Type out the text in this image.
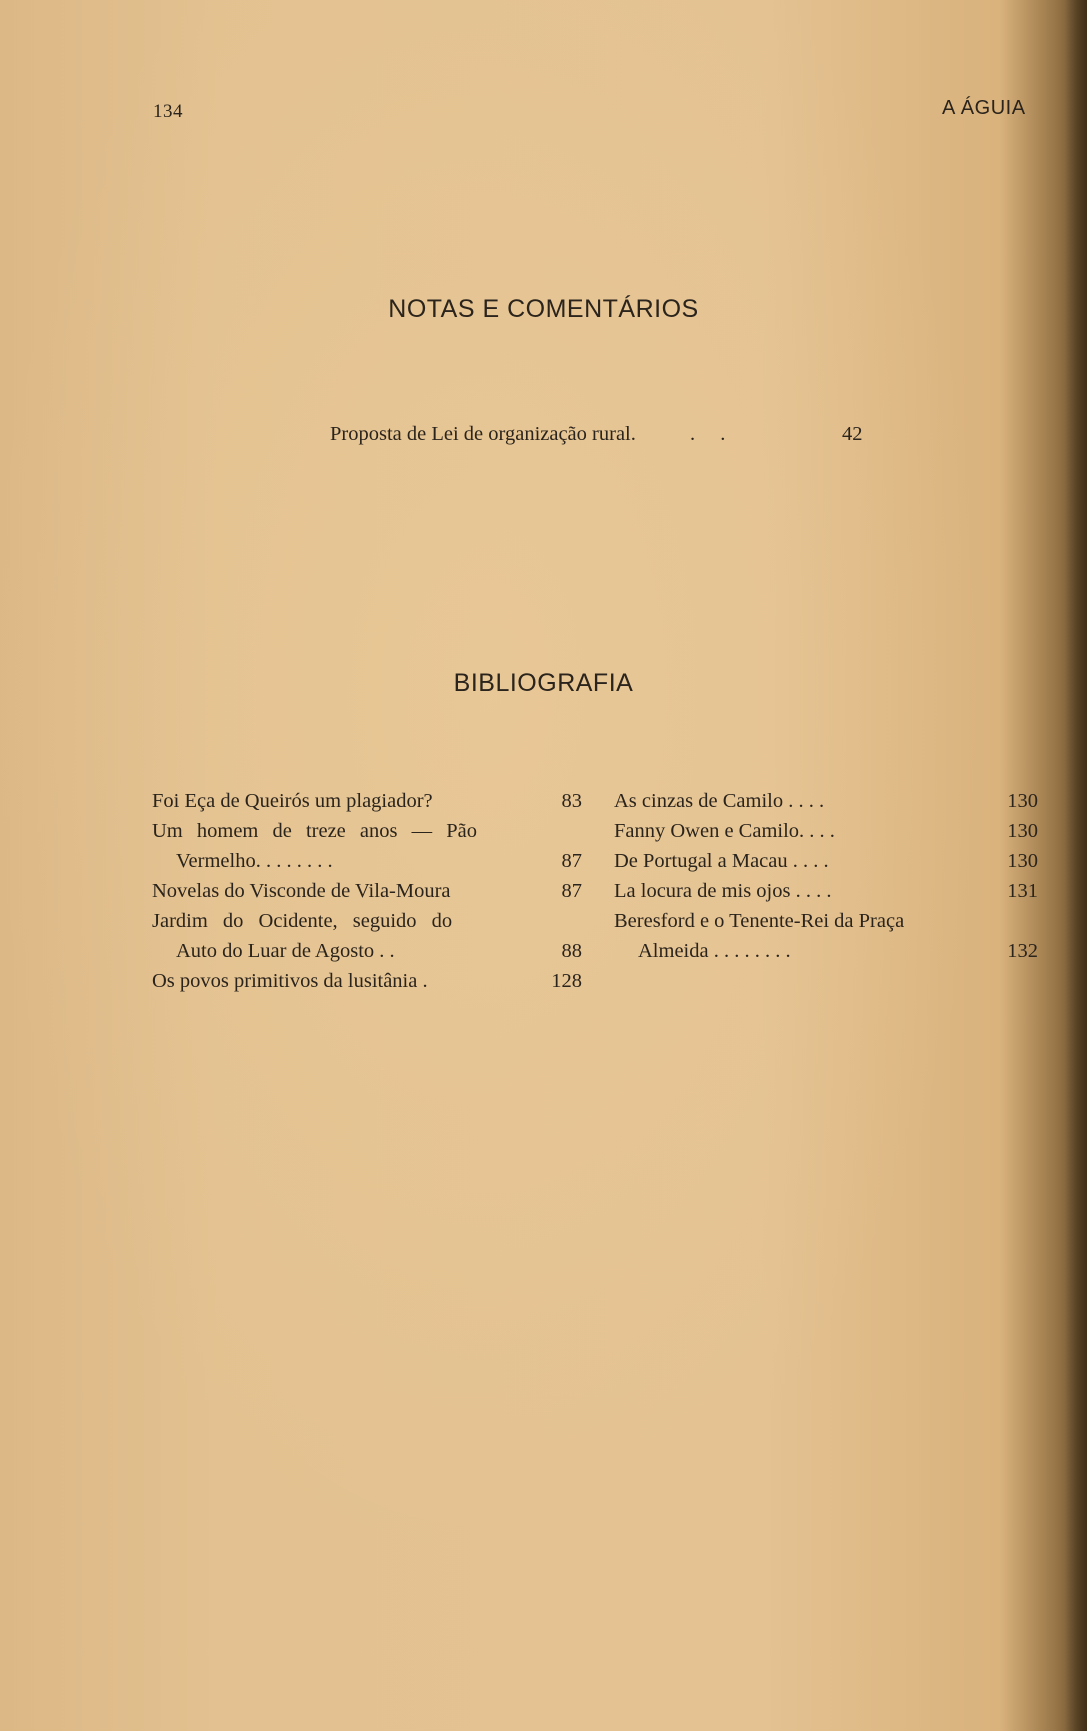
134	A ÁGUIA
NOTAS E COMENTÁRIOS
Proposta de Lei de organização rural.	. .	42
BIBLIOGRAFIA
Foi Eça de Queirós um plagiador?	83
Um homem de treze anos — Pão
Vermelho. . . . . . . .	87
Novelas do Visconde de Vila-Moura	87
Jardim do Ocidente, seguido do
Auto do Luar de Agosto . .	88
Os povos primitivos da lusitânia .	128
As cinzas de Camilo . . . .	130
Fanny Owen e Camilo. . . .	130
De Portugal a Macau . . . .	130
La locura de mis ojos . . . .	131
Beresford e o Tenente-Rei da Praça
Almeida . . . . . . . .	132
